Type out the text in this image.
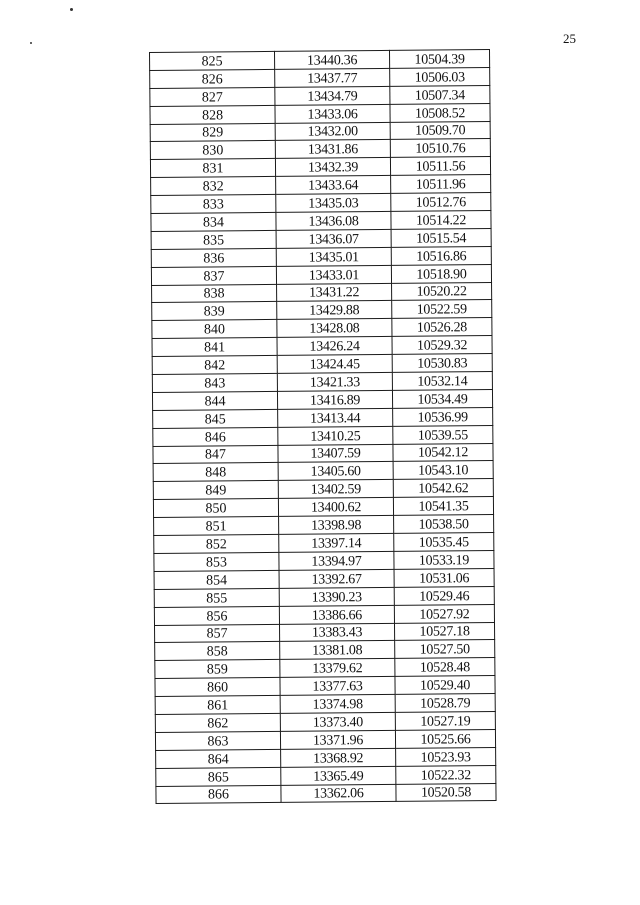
25
825	13440.36	10504.39
826	13437.77	10506.03
827	13434.79	10507.34
828	13433.06	10508.52
829	13432.00	10509.70
830	13431.86	10510.76
831	13432.39	10511.56
832	13433.64	10511.96
833	13435.03	10512.76
834	13436.08	10514.22
835	13436.07	10515.54
836	13435.01	10516.86
837	13433.01	10518.90
838	13431.22	10520.22
839	13429.88	10522.59
840	13428.08	10526.28
841	13426.24	10529.32
842	13424.45	10530.83
843	13421.33	10532.14
844	13416.89	10534.49
845	13413.44	10536.99
846	13410.25	10539.55
847	13407.59	10542.12
848	13405.60	10543.10
849	13402.59	10542.62
850	13400.62	10541.35
851	13398.98	10538.50
852	13397.14	10535.45
853	13394.97	10533.19
854	13392.67	10531.06
855	13390.23	10529.46
856	13386.66	10527.92
857	13383.43	10527.18
858	13381.08	10527.50
859	13379.62	10528.48
860	13377.63	10529.40
861	13374.98	10528.79
862	13373.40	10527.19
863	13371.96	10525.66
864	13368.92	10523.93
865	13365.49	10522.32
866	13362.06	10520.58
